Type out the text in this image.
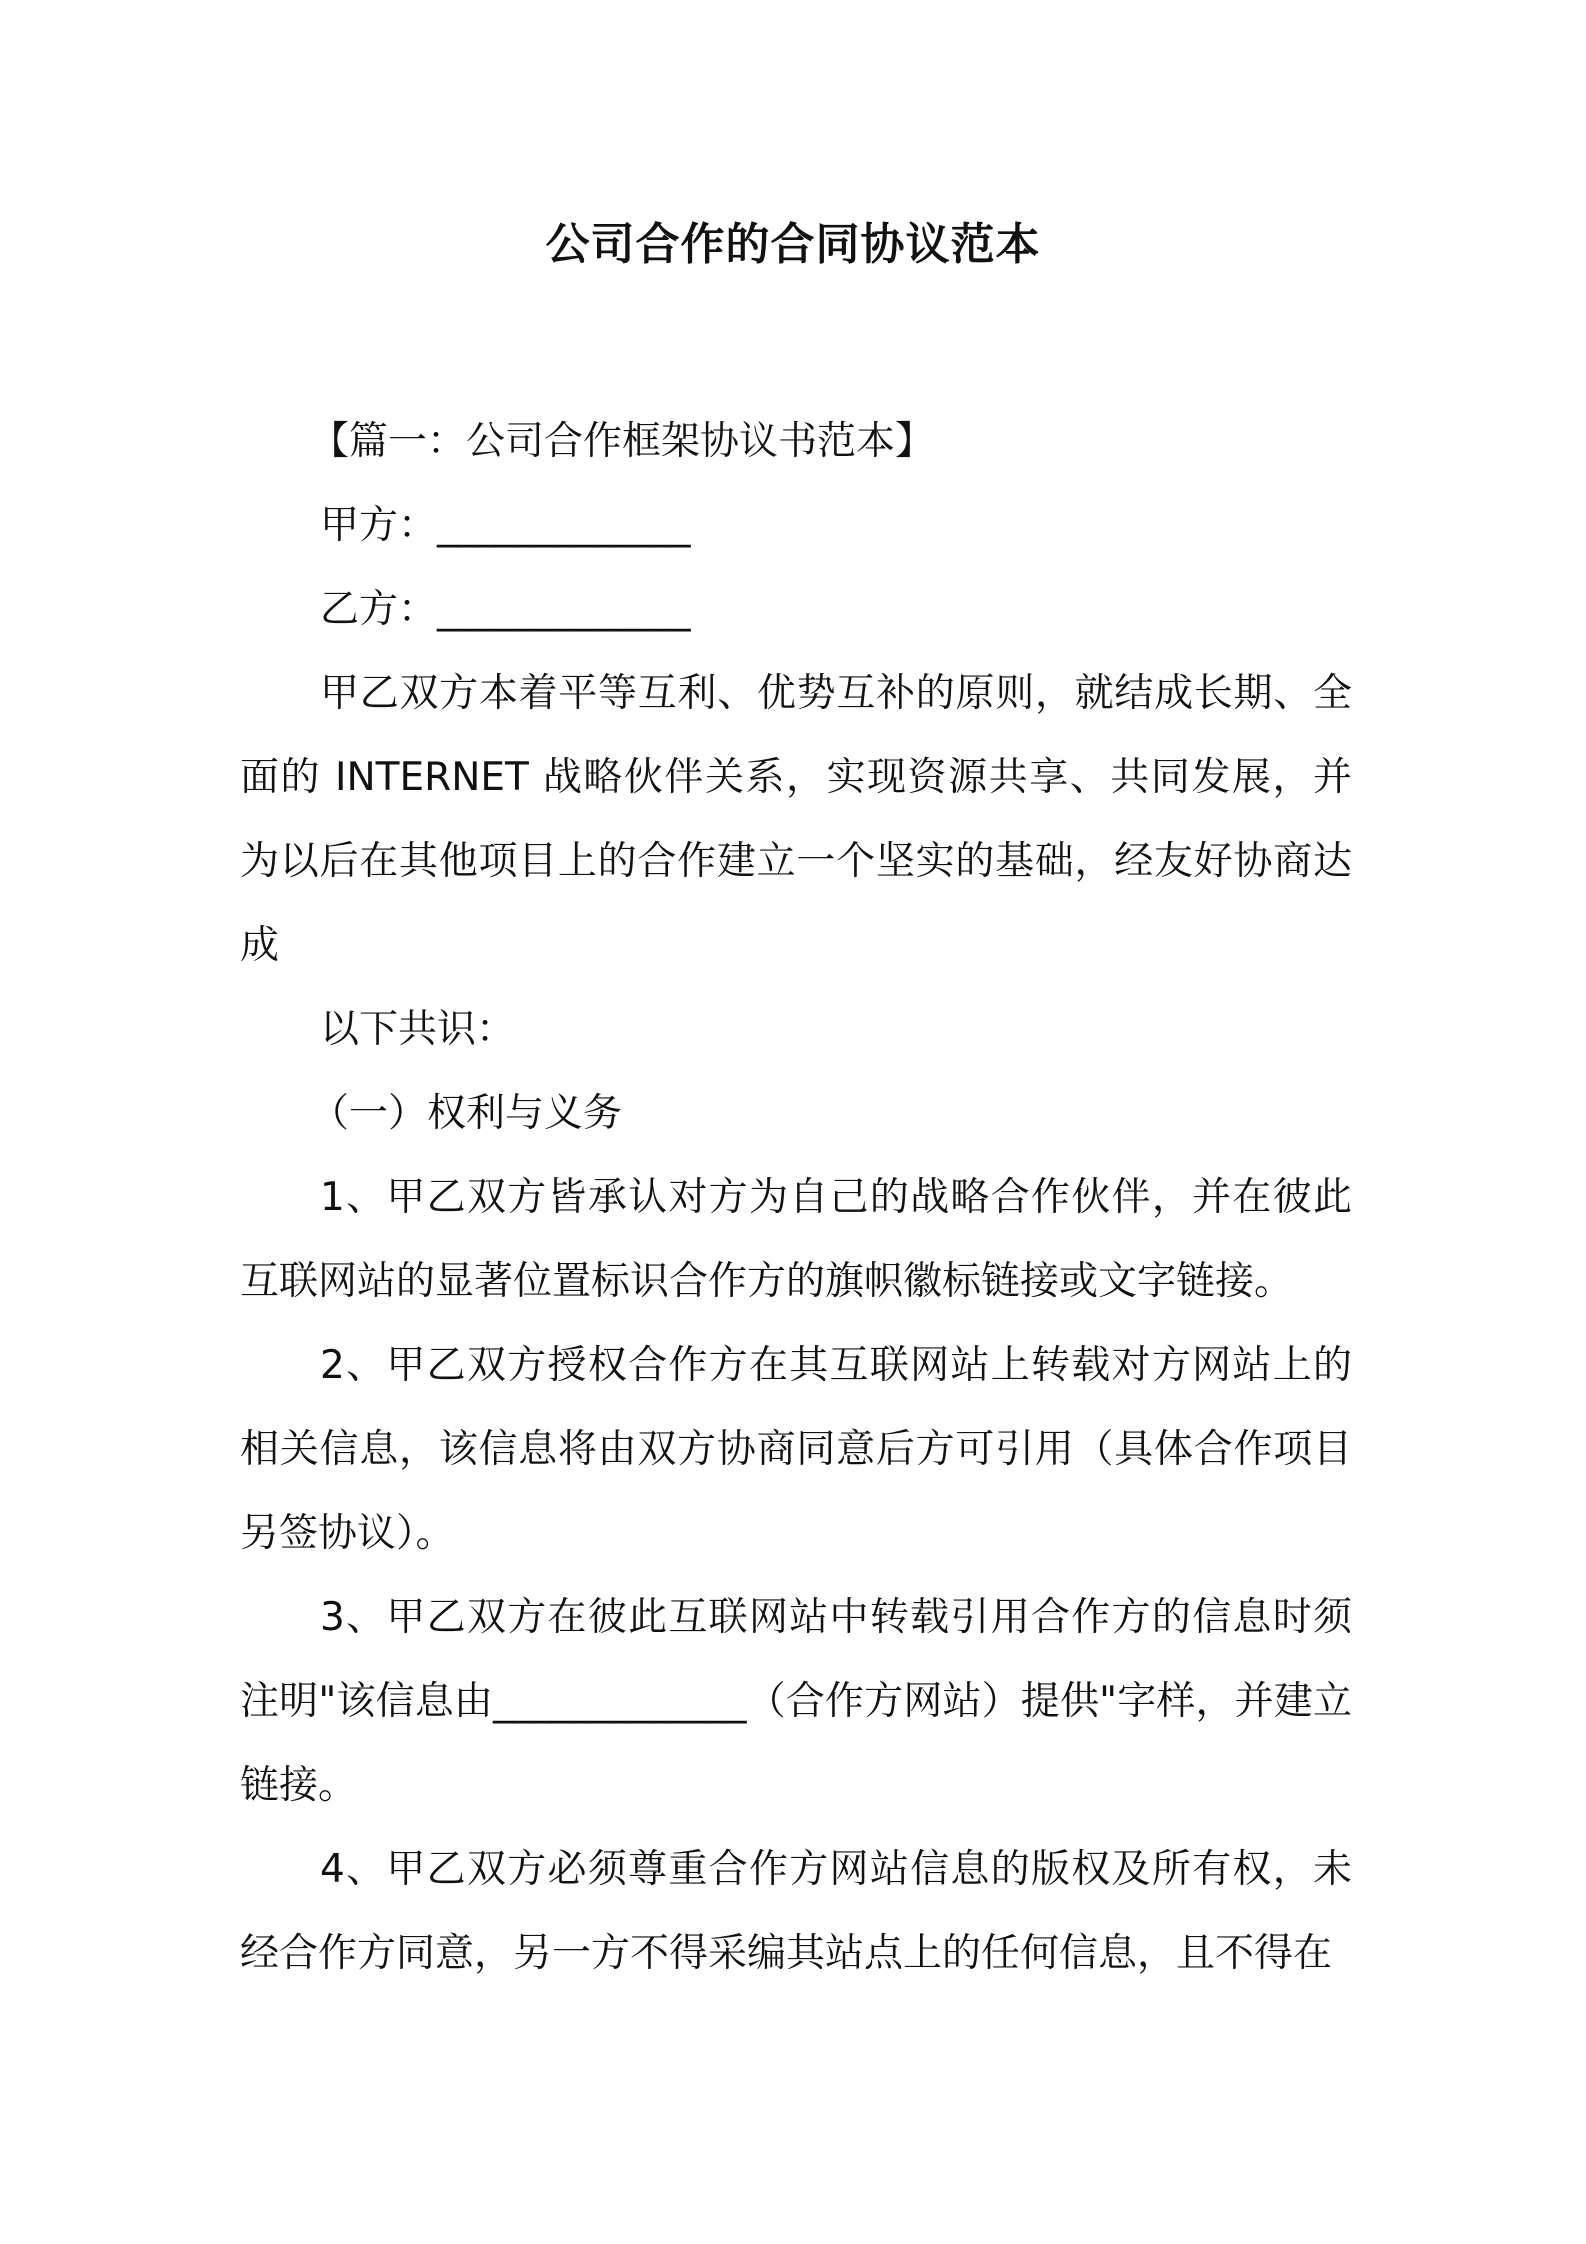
公司合作的合同协议范本

【篇一：公司合作框架协议书范本】

甲方：_____________

乙方：_____________

甲乙双方本着平等互利、优势互补的原则，就结成长期、全面的 INTERNET 战略伙伴关系，实现资源共享、共同发展，并为以后在其他项目上的合作建立一个坚实的基础，经友好协商达成

以下共识：

（一）权利与义务

1、甲乙双方皆承认对方为自己的战略合作伙伴，并在彼此互联网站的显著位置标识合作方的旗帜徽标链接或文字链接。

2、甲乙双方授权合作方在其互联网站上转载对方网站上的相关信息，该信息将由双方协商同意后方可引用（具体合作项目另签协议）。

3、甲乙双方在彼此互联网站中转载引用合作方的信息时须注明"该信息由_____________（合作方网站）提供"字样，并建立链接。

4、甲乙双方必须尊重合作方网站信息的版权及所有权，未经合作方同意，另一方不得采编其站点上的任何信息，且不得在
